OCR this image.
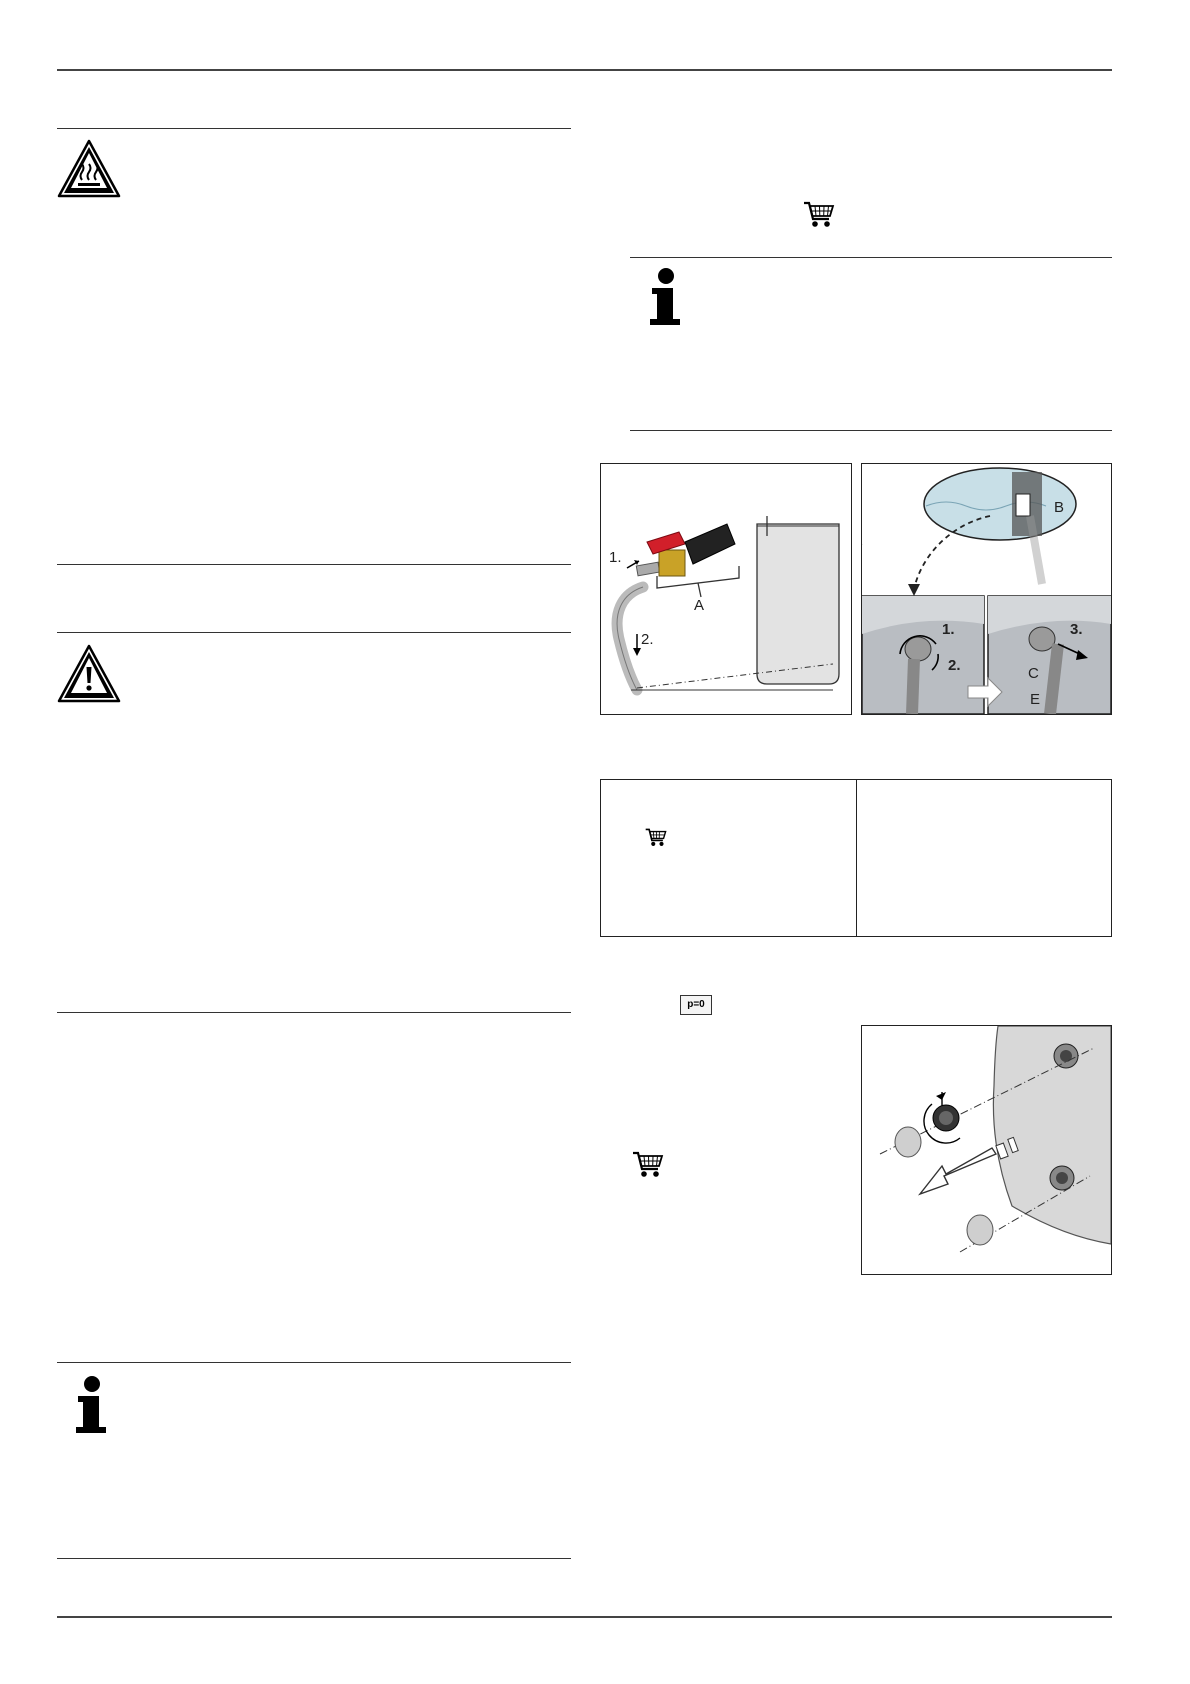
1.
2.
A
B
1.
2.
3.
C
E
p=0
